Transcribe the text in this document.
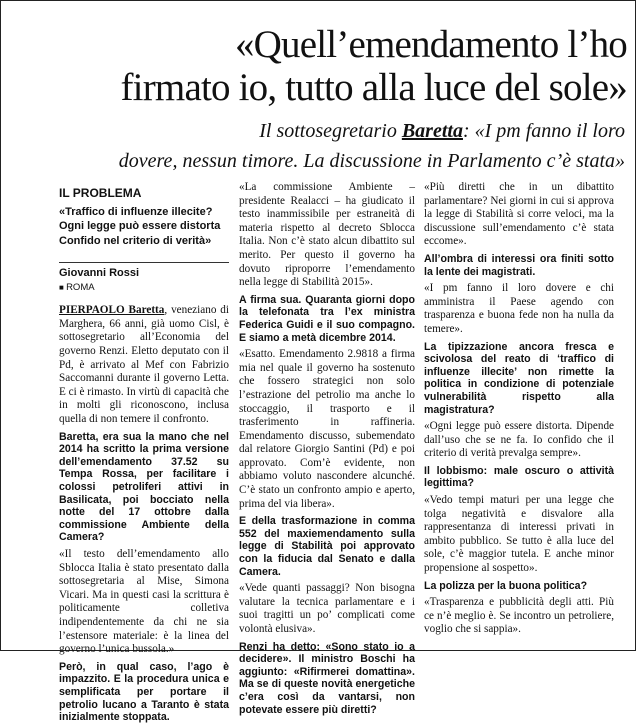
«Quell’emendamento l’ho
firmato io, tutto alla luce del sole»
Il sottosegretario Baretta: «I pm fanno il loro
dovere, nessun timore. La discussione in Parlamento c’è stata»
IL PROBLEMA
«Traffico di influenze illecite? Ogni legge può essere distorta Confido nel criterio di verità»
Giovanni Rossi
■ ROMA

PIERPAOLO Baretta, veneziano di Marghera, 66 anni, già uomo Cisl, è sottosegretario all’Economia del governo Renzi. Eletto deputato con il Pd, è arrivato al Mef con Fabrizio Saccomanni durante il governo Letta. E ci è rimasto. In virtù di capacità che in molti gli riconoscono, inclusa quella di non temere il confronto.

Baretta, era sua la mano che nel 2014 ha scritto la prima versione dell’emendamento 37.52 su Tempa Rossa, per facilitare i colossi petroliferi attivi in Basilicata, poi bocciato nella notte del 17 ottobre dalla commissione Ambiente della Camera?

«Il testo dell’emendamento allo Sblocca Italia è stato presentato dalla sottosegretaria al Mise, Simona Vicari. Ma in questi casi la scrittura è politicamente colletiva indipendentemente da chi ne sia l’estensore materiale: è la linea del governo l’unica bussola.»

Però, in qual caso, l’ago è impazzito. E la procedura unica e semplificata per portare il petrolio lucano a Taranto è stata inizialmente stoppata.

«La commissione Ambiente – presidente Realacci – ha giudicato il testo inammissibile per estraneità di materia rispetto al decreto Sblocca Italia. Non c’è stato alcun dibattito sul merito. Per questo il governo ha dovuto riproporre l’emendamento nella legge di Stabilità 2015».

A firma sua. Quaranta giorni dopo la telefonata tra l’ex ministra Federica Guidi e il suo compagno. E siamo a metà dicembre 2014.

«Esatto. Emendamento 2.9818 a firma mia nel quale il governo ha sostenuto che fossero strategici non solo l’estrazione del petrolio ma anche lo stoccaggio, il trasporto e il trasferimento in raffineria. Emendamento discusso, subemendato dal relatore Giorgio Santini (Pd) e poi approvato. Com’è evidente, non abbiamo voluto nascondere alcunché. C’è stato un confronto ampio e aperto, prima del via libera».

E della trasformazione in comma 552 del maxiemendamento sulla legge di Stabilità poi approvato con la fiducia dal Senato e dalla Camera.

«Vede quanti passaggi? Non bisogna valutare la tecnica parlamentare e i suoi tragitti un po’ complicati come volontà elusiva».

Renzi ha detto: «Sono stato io a deciderе». Il ministro Boschi ha aggiunto: «Rifirmerei domattina». Ma se di queste novità energetiche c’era così da vantarsi, non potevate essere più diretti?

«Più diretti che in un dibattito parlamentare? Nei giorni in cui si approva la legge di Stabilità si corre veloci, ma la discussione sull’emendamento c’è stata eccome».

All’ombra di interessi ora finiti sotto la lente dei magistrati.

«I pm fanno il loro dovere e chi amministra il Paese agendo con trasparenza e buona fede non ha nulla da temere».

La tipizzazione ancora fresca e scivolosa del reato di ‘traffico di influenze illecite’ non rimette la politica in condizione di potenziale vulnerabilità rispetto alla magistratura?

«Ogni legge può essere distorta. Dipende dall’uso che se ne fa. Io confido che il criterio di verità prevalga sempre».

Il lobbismo: male oscuro o attività legittima?

«Vedo tempi maturi per una legge che tolga negatività e disvalore alla rappresentanza di interessi privati in ambito pubblico. Se tutto è alla luce del sole, c’è maggior tutela. E anche minor propensione al sospetto».

La polizza per la buona politica?

«Trasparenza e pubblicità degli atti. Più ce n’è meglio è. Se incontro un petroliere, voglio che si sappia».
